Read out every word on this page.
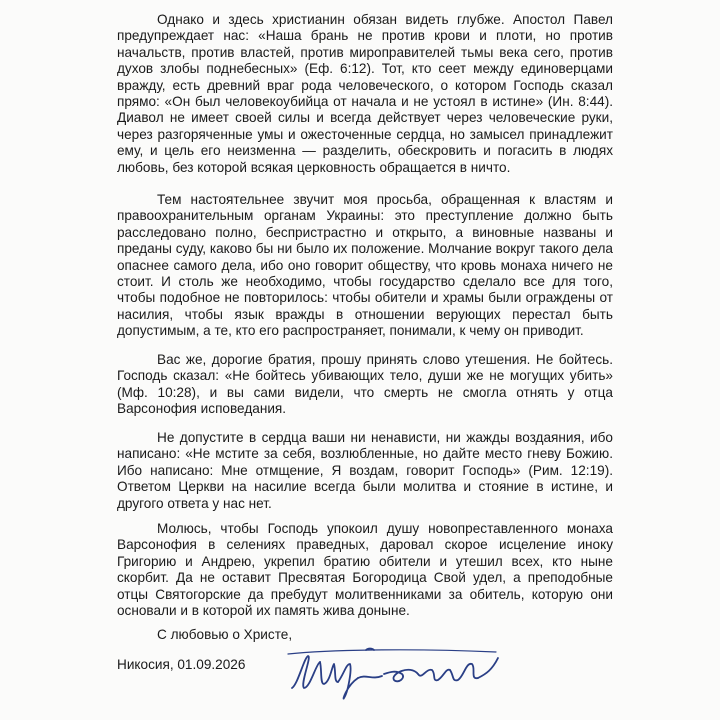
Однако и здесь христианин обязан видеть глубже. Апостол Павел предупреждает нас: «Наша брань не против крови и плоти, но против начальств, против властей, против мироправителей тьмы века сего, против духов злобы поднебесных» (Еф. 6:12). Тот, кто сеет между единоверцами вражду, есть древний враг рода человеческого, о котором Господь сказал прямо: «Он был человекоубийца от начала и не устоял в истине» (Ин. 8:44). Диавол не имеет своей силы и всегда действует через человеческие руки, через разгоряченные умы и ожесточенные сердца, но замысел принадлежит ему, и цель его неизменна — разделить, обескровить и погасить в людях любовь, без которой всякая церковность обращается в ничто.

Тем настоятельнее звучит моя просьба, обращенная к властям и правоохранительным органам Украины: это преступление должно быть расследовано полно, беспристрастно и открыто, а виновные названы и преданы суду, каково бы ни было их положение. Молчание вокруг такого дела опаснее самого дела, ибо оно говорит обществу, что кровь монаха ничего не стоит. И столь же необходимо, чтобы государство сделало все для того, чтобы подобное не повторилось: чтобы обители и храмы были ограждены от насилия, чтобы язык вражды в отношении верующих перестал быть допустимым, а те, кто его распространяет, понимали, к чему он приводит.

Вас же, дорогие братия, прошу принять слово утешения. Не бойтесь. Господь сказал: «Не бойтесь убивающих тело, души же не могущих убить» (Мф. 10:28), и вы сами видели, что смерть не смогла отнять у отца Варсонофия исповедания.

Не допустите в сердца ваши ни ненависти, ни жажды воздаяния, ибо написано: «Не мстите за себя, возлюбленные, но дайте место гневу Божию. Ибо написано: Мне отмщение, Я воздам, говорит Господь» (Рим. 12:19). Ответом Церкви на насилие всегда были молитва и стояние в истине, и другого ответа у нас нет.

Молюсь, чтобы Господь упокоил душу новопреставленного монаха Варсонофия в селениях праведных, даровал скорое исцеление иноку Григорию и Андрею, укрепил братию обители и утешил всех, кто ныне скорбит. Да не оставит Пресвятая Богородица Свой удел, а преподобные отцы Святогорские да пребудут молитвенниками за обитель, которую они основали и в которой их память жива доныне.

С любовью о Христе,

Никосия, 01.09.2026
